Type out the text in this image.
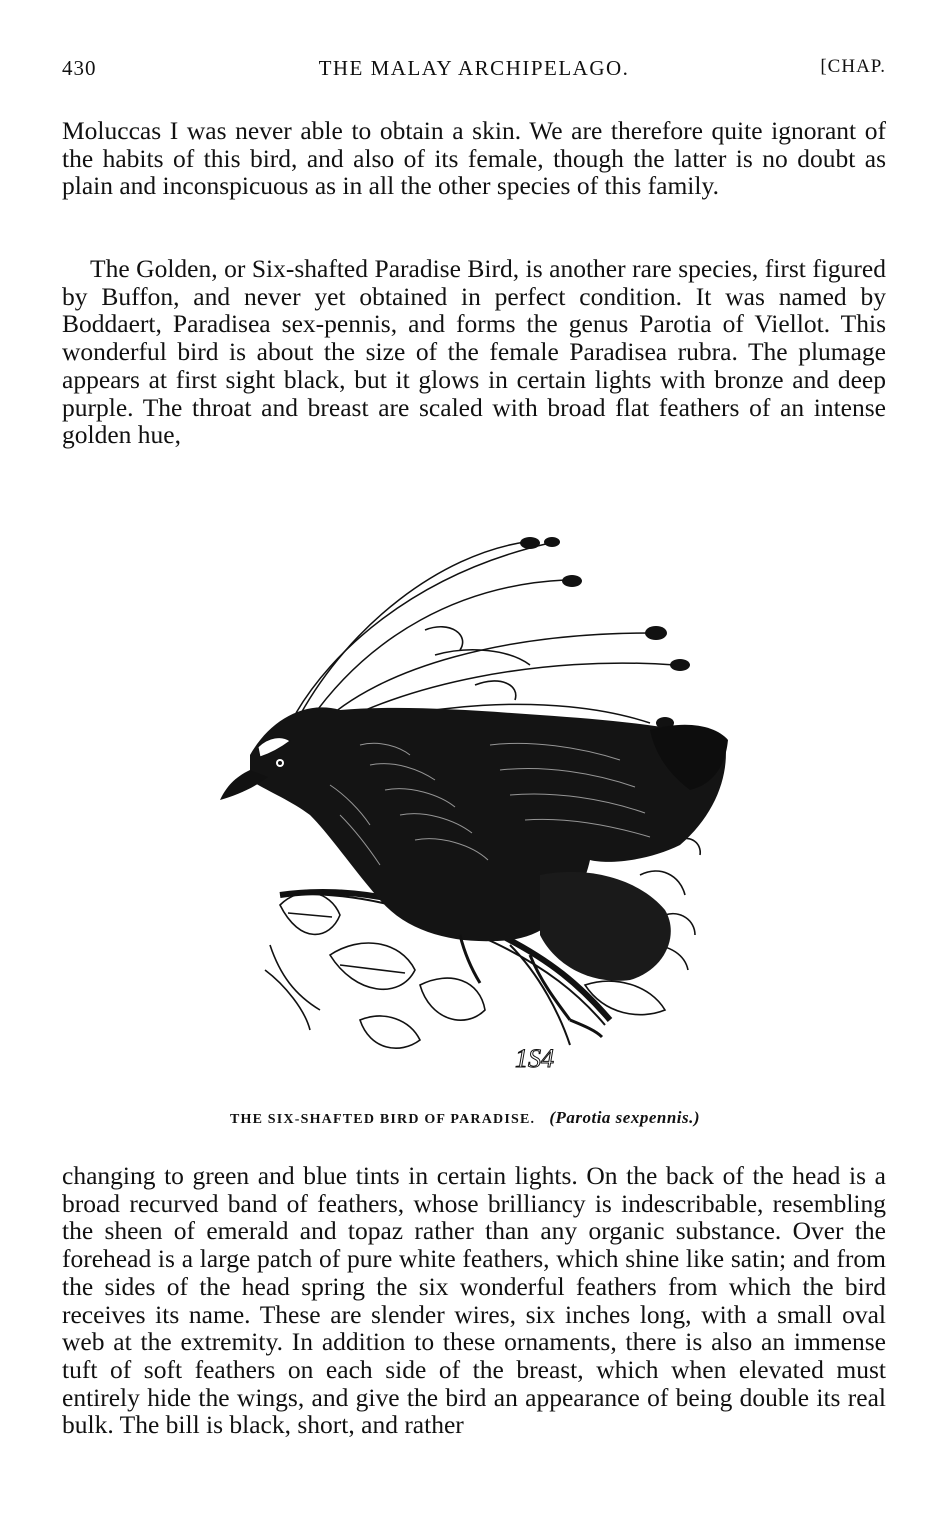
430	THE MALAY ARCHIPELAGO.	[CHAP.

Moluccas I was never able to obtain a skin. We are therefore quite ignorant of the habits of this bird, and also of its female, though the latter is no doubt as plain and inconspicuous as in all the other species of this family.

The Golden, or Six-shafted Paradise Bird, is another rare species, first figured by Buffon, and never yet obtained in perfect condition. It was named by Boddaert, Paradisea sex-pennis, and forms the genus Parotia of Viellot. This wonderful bird is about the size of the female Paradisea rubra. The plumage appears at first sight black, but it glows in certain lights with bronze and deep purple. The throat and breast are scaled with broad flat feathers of an intense golden hue,

1S4
THE SIX-SHAFTED BIRD OF PARADISE. (Parotia sexpennis.)

changing to green and blue tints in certain lights. On the back of the head is a broad recurved band of feathers, whose brilliancy is indescribable, resembling the sheen of emerald and topaz rather than any organic substance. Over the forehead is a large patch of pure white feathers, which shine like satin; and from the sides of the head spring the six wonderful feathers from which the bird receives its name. These are slender wires, six inches long, with a small oval web at the extremity. In addition to these ornaments, there is also an immense tuft of soft feathers on each side of the breast, which when elevated must entirely hide the wings, and give the bird an appearance of being double its real bulk. The bill is black, short, and rather
